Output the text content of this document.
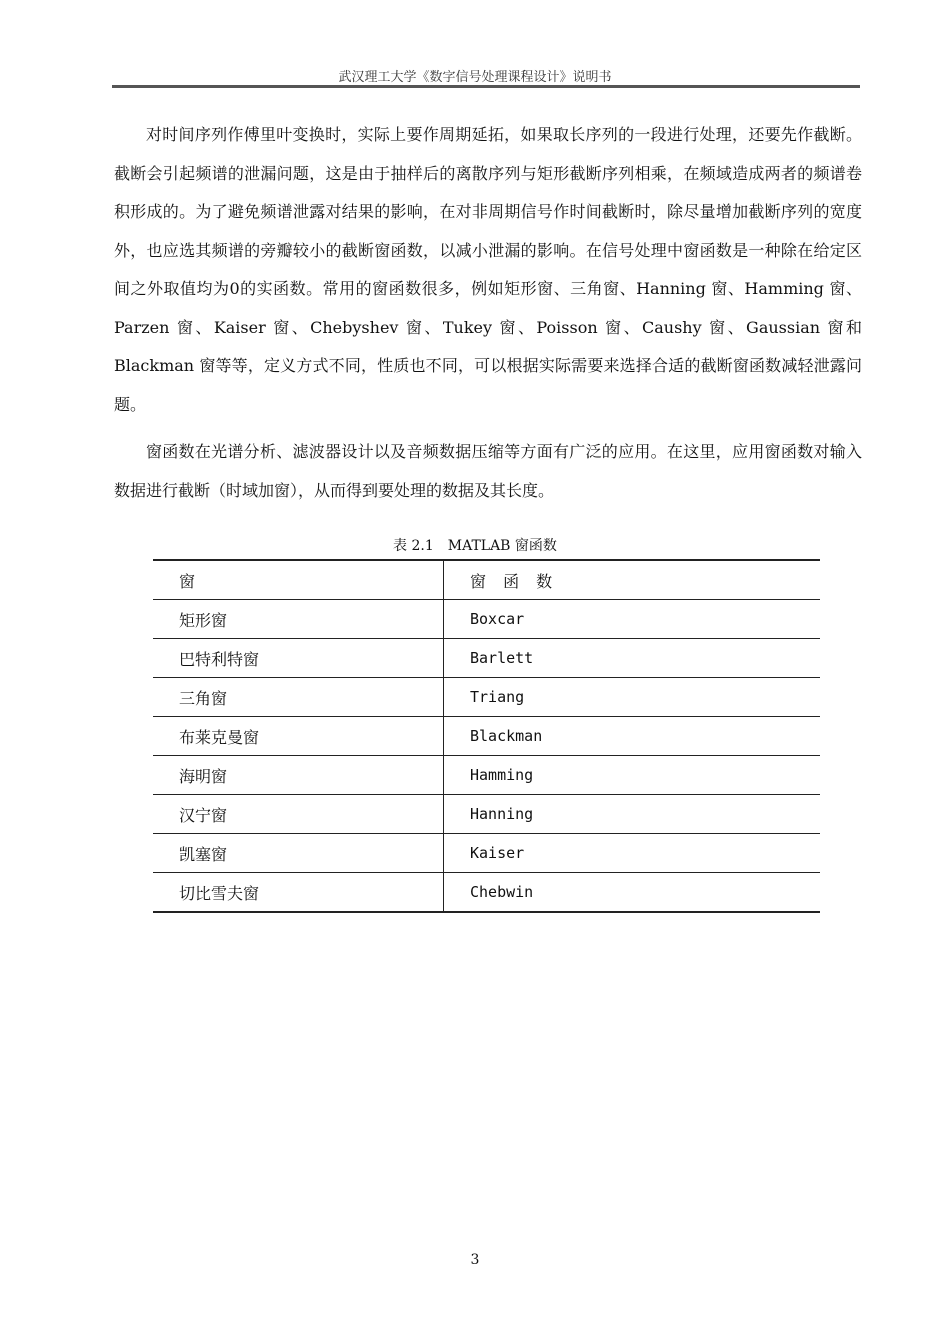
武汉理工大学《数字信号处理课程设计》说明书

对时间序列作傅里叶变换时，实际上要作周期延拓，如果取长序列的一段进行处理，还要先作截断。截断会引起频谱的泄漏问题，这是由于抽样后的离散序列与矩形截断序列相乘，在频域造成两者的频谱卷积形成的。为了避免频谱泄露对结果的影响，在对非周期信号作时间截断时，除尽量增加截断序列的宽度外，也应选其频谱的旁瓣较小的截断窗函数，以减小泄漏的影响。在信号处理中窗函数是一种除在给定区间之外取值均为0的实函数。常用的窗函数很多，例如矩形窗、三角窗、Hanning 窗、Hamming 窗、Parzen 窗、Kaiser 窗、Chebyshev 窗、Tukey 窗、Poisson 窗、Caushy 窗、Gaussian 窗和 Blackman 窗等等，定义方式不同，性质也不同，可以根据实际需要来选择合适的截断窗函数减轻泄露问题。

窗函数在光谱分析、滤波器设计以及音频数据压缩等方面有广泛的应用。在这里，应用窗函数对输入数据进行截断（时域加窗），从而得到要处理的数据及其长度。

表 2.1　MATLAB 窗函数
窗	窗 函 数
矩形窗	Boxcar
巴特利特窗	Barlett
三角窗	Triang
布莱克曼窗	Blackman
海明窗	Hamming
汉宁窗	Hanning
凯塞窗	Kaiser
切比雪夫窗	Chebwin
3
